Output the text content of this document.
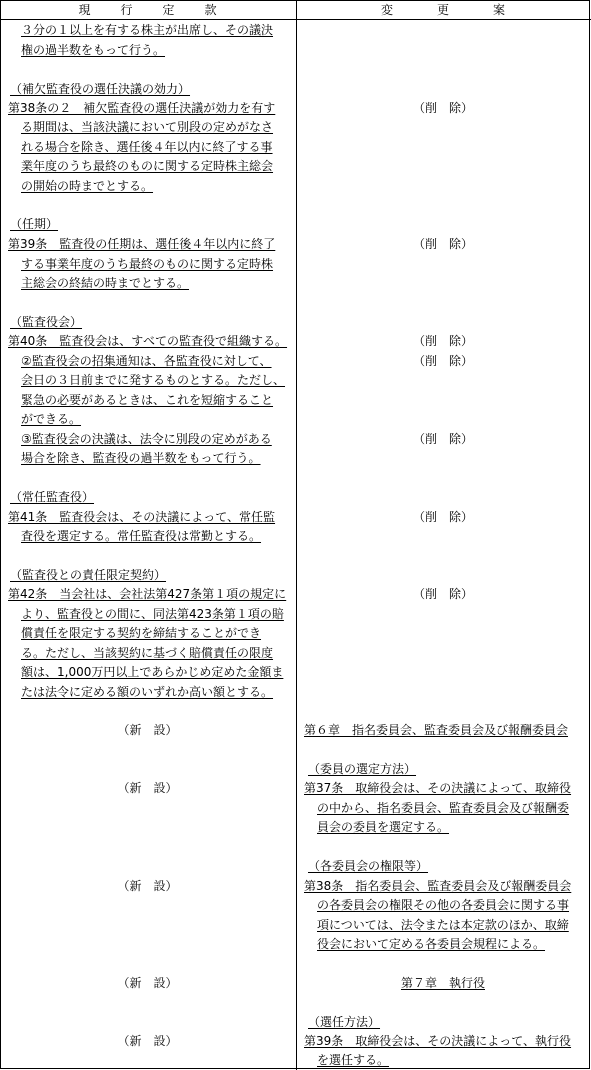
現　　行　　定　　款	変　　　更　　　案
３分の１以上を有する株主が出席し、その議決
権の過半数をもって行う。
（補欠監査役の選任決議の効力）
第38条の２　補欠監査役の選任決議が効力を有す
る期間は、当該決議において別段の定めがなさ
れる場合を除き、選任後４年以内に終了する事
業年度のうち最終のものに関する定時株主総会
の開始の時までとする。
（任期）
第39条　監査役の任期は、選任後４年以内に終了
する事業年度のうち最終のものに関する定時株
主総会の終結の時までとする。
（監査役会）
第40条　監査役会は、すべての監査役で組織する。
②監査役会の招集通知は、各監査役に対して、
会日の３日前までに発するものとする。ただし、
緊急の必要があるときは、これを短縮すること
ができる。
③監査役会の決議は、法令に別段の定めがある
場合を除き、監査役の過半数をもって行う。
（常任監査役）
第41条　監査役会は、その決議によって、常任監
査役を選定する。常任監査役は常勤とする。
（監査役との責任限定契約）
第42条　当会社は、会社法第427条第１項の規定に
より、監査役との間に、同法第423条第１項の賠
償責任を限定する契約を締結することができ
る。ただし、当該契約に基づく賠償責任の限度
額は、1,000万円以上であらかじめ定めた金額ま
たは法令に定める額のいずれか高い額とする。
（新　設）
（新　設）
（新　設）
（新　設）
（新　設）
（削　除）
（削　除）
（削　除）
（削　除）
（削　除）
（削　除）
（削　除）
第６章　指名委員会、監査委員会及び報酬委員会
（委員の選定方法）
第37条　取締役会は、その決議によって、取締役
の中から、指名委員会、監査委員会及び報酬委
員会の委員を選定する。
（各委員会の権限等）
第38条　指名委員会、監査委員会及び報酬委員会
の各委員会の権限その他の各委員会に関する事
項については、法令または本定款のほか、取締
役会において定める各委員会規程による。
第７章　執行役
（選任方法）
第39条　取締役会は、その決議によって、執行役
を選任する。
